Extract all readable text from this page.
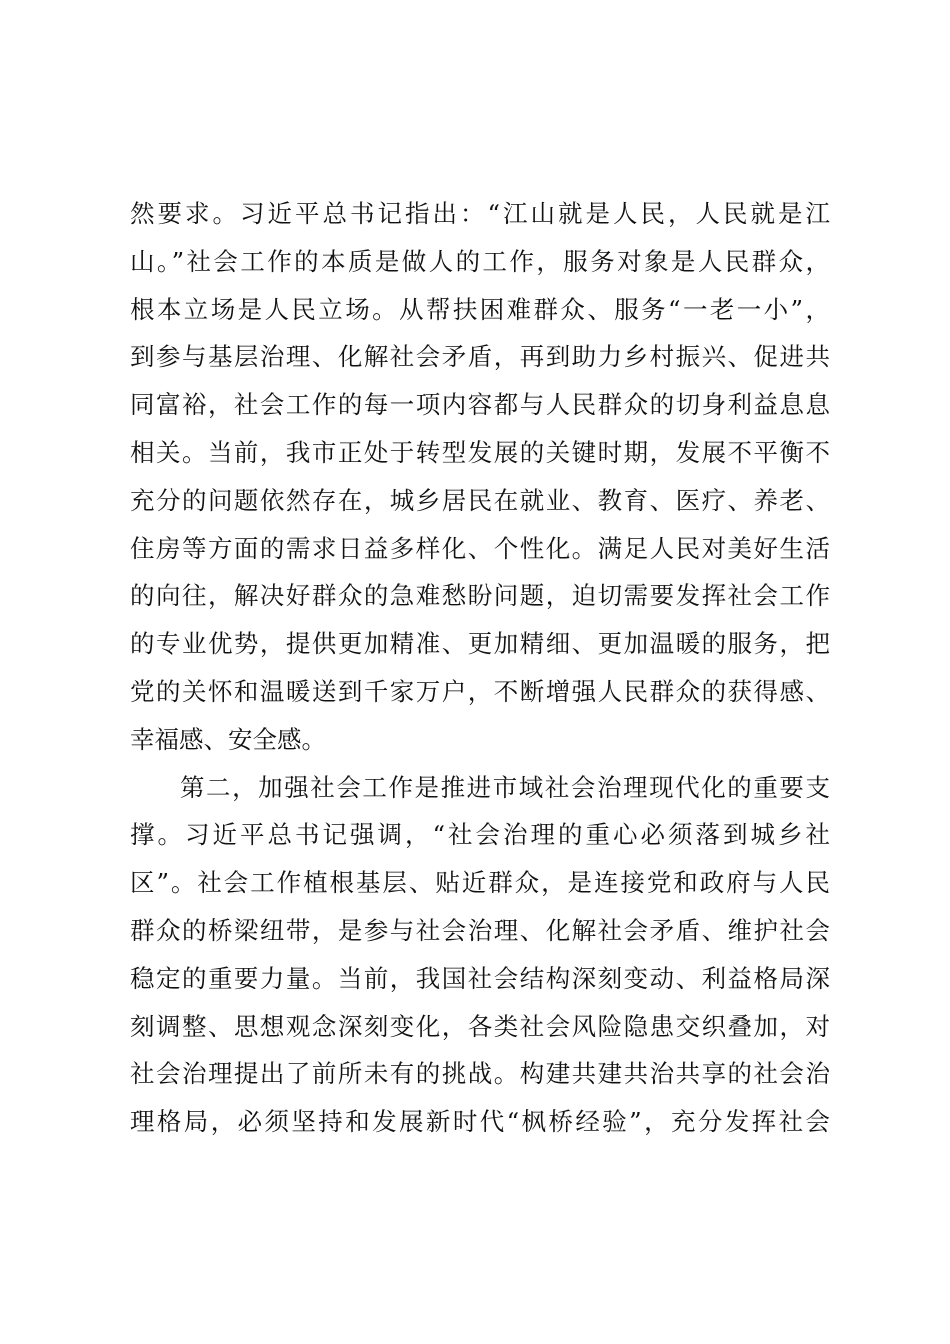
然要求。习近平总书记指出：“江山就是人民，人民就是江
山。”社会工作的本质是做人的工作，服务对象是人民群众，
根本立场是人民立场。从帮扶困难群众、服务“一老一小”，
到参与基层治理、化解社会矛盾，再到助力乡村振兴、促进共
同富裕，社会工作的每一项内容都与人民群众的切身利益息息
相关。当前，我市正处于转型发展的关键时期，发展不平衡不
充分的问题依然存在，城乡居民在就业、教育、医疗、养老、
住房等方面的需求日益多样化、个性化。满足人民对美好生活
的向往，解决好群众的急难愁盼问题，迫切需要发挥社会工作
的专业优势，提供更加精准、更加精细、更加温暖的服务，把
党的关怀和温暖送到千家万户，不断增强人民群众的获得感、
幸福感、安全感。
第二，加强社会工作是推进市域社会治理现代化的重要支
撑。习近平总书记强调，“社会治理的重心必须落到城乡社
区”。社会工作植根基层、贴近群众，是连接党和政府与人民
群众的桥梁纽带，是参与社会治理、化解社会矛盾、维护社会
稳定的重要力量。当前，我国社会结构深刻变动、利益格局深
刻调整、思想观念深刻变化，各类社会风险隐患交织叠加，对
社会治理提出了前所未有的挑战。构建共建共治共享的社会治
理格局，必须坚持和发展新时代“枫桥经验”，充分发挥社会
